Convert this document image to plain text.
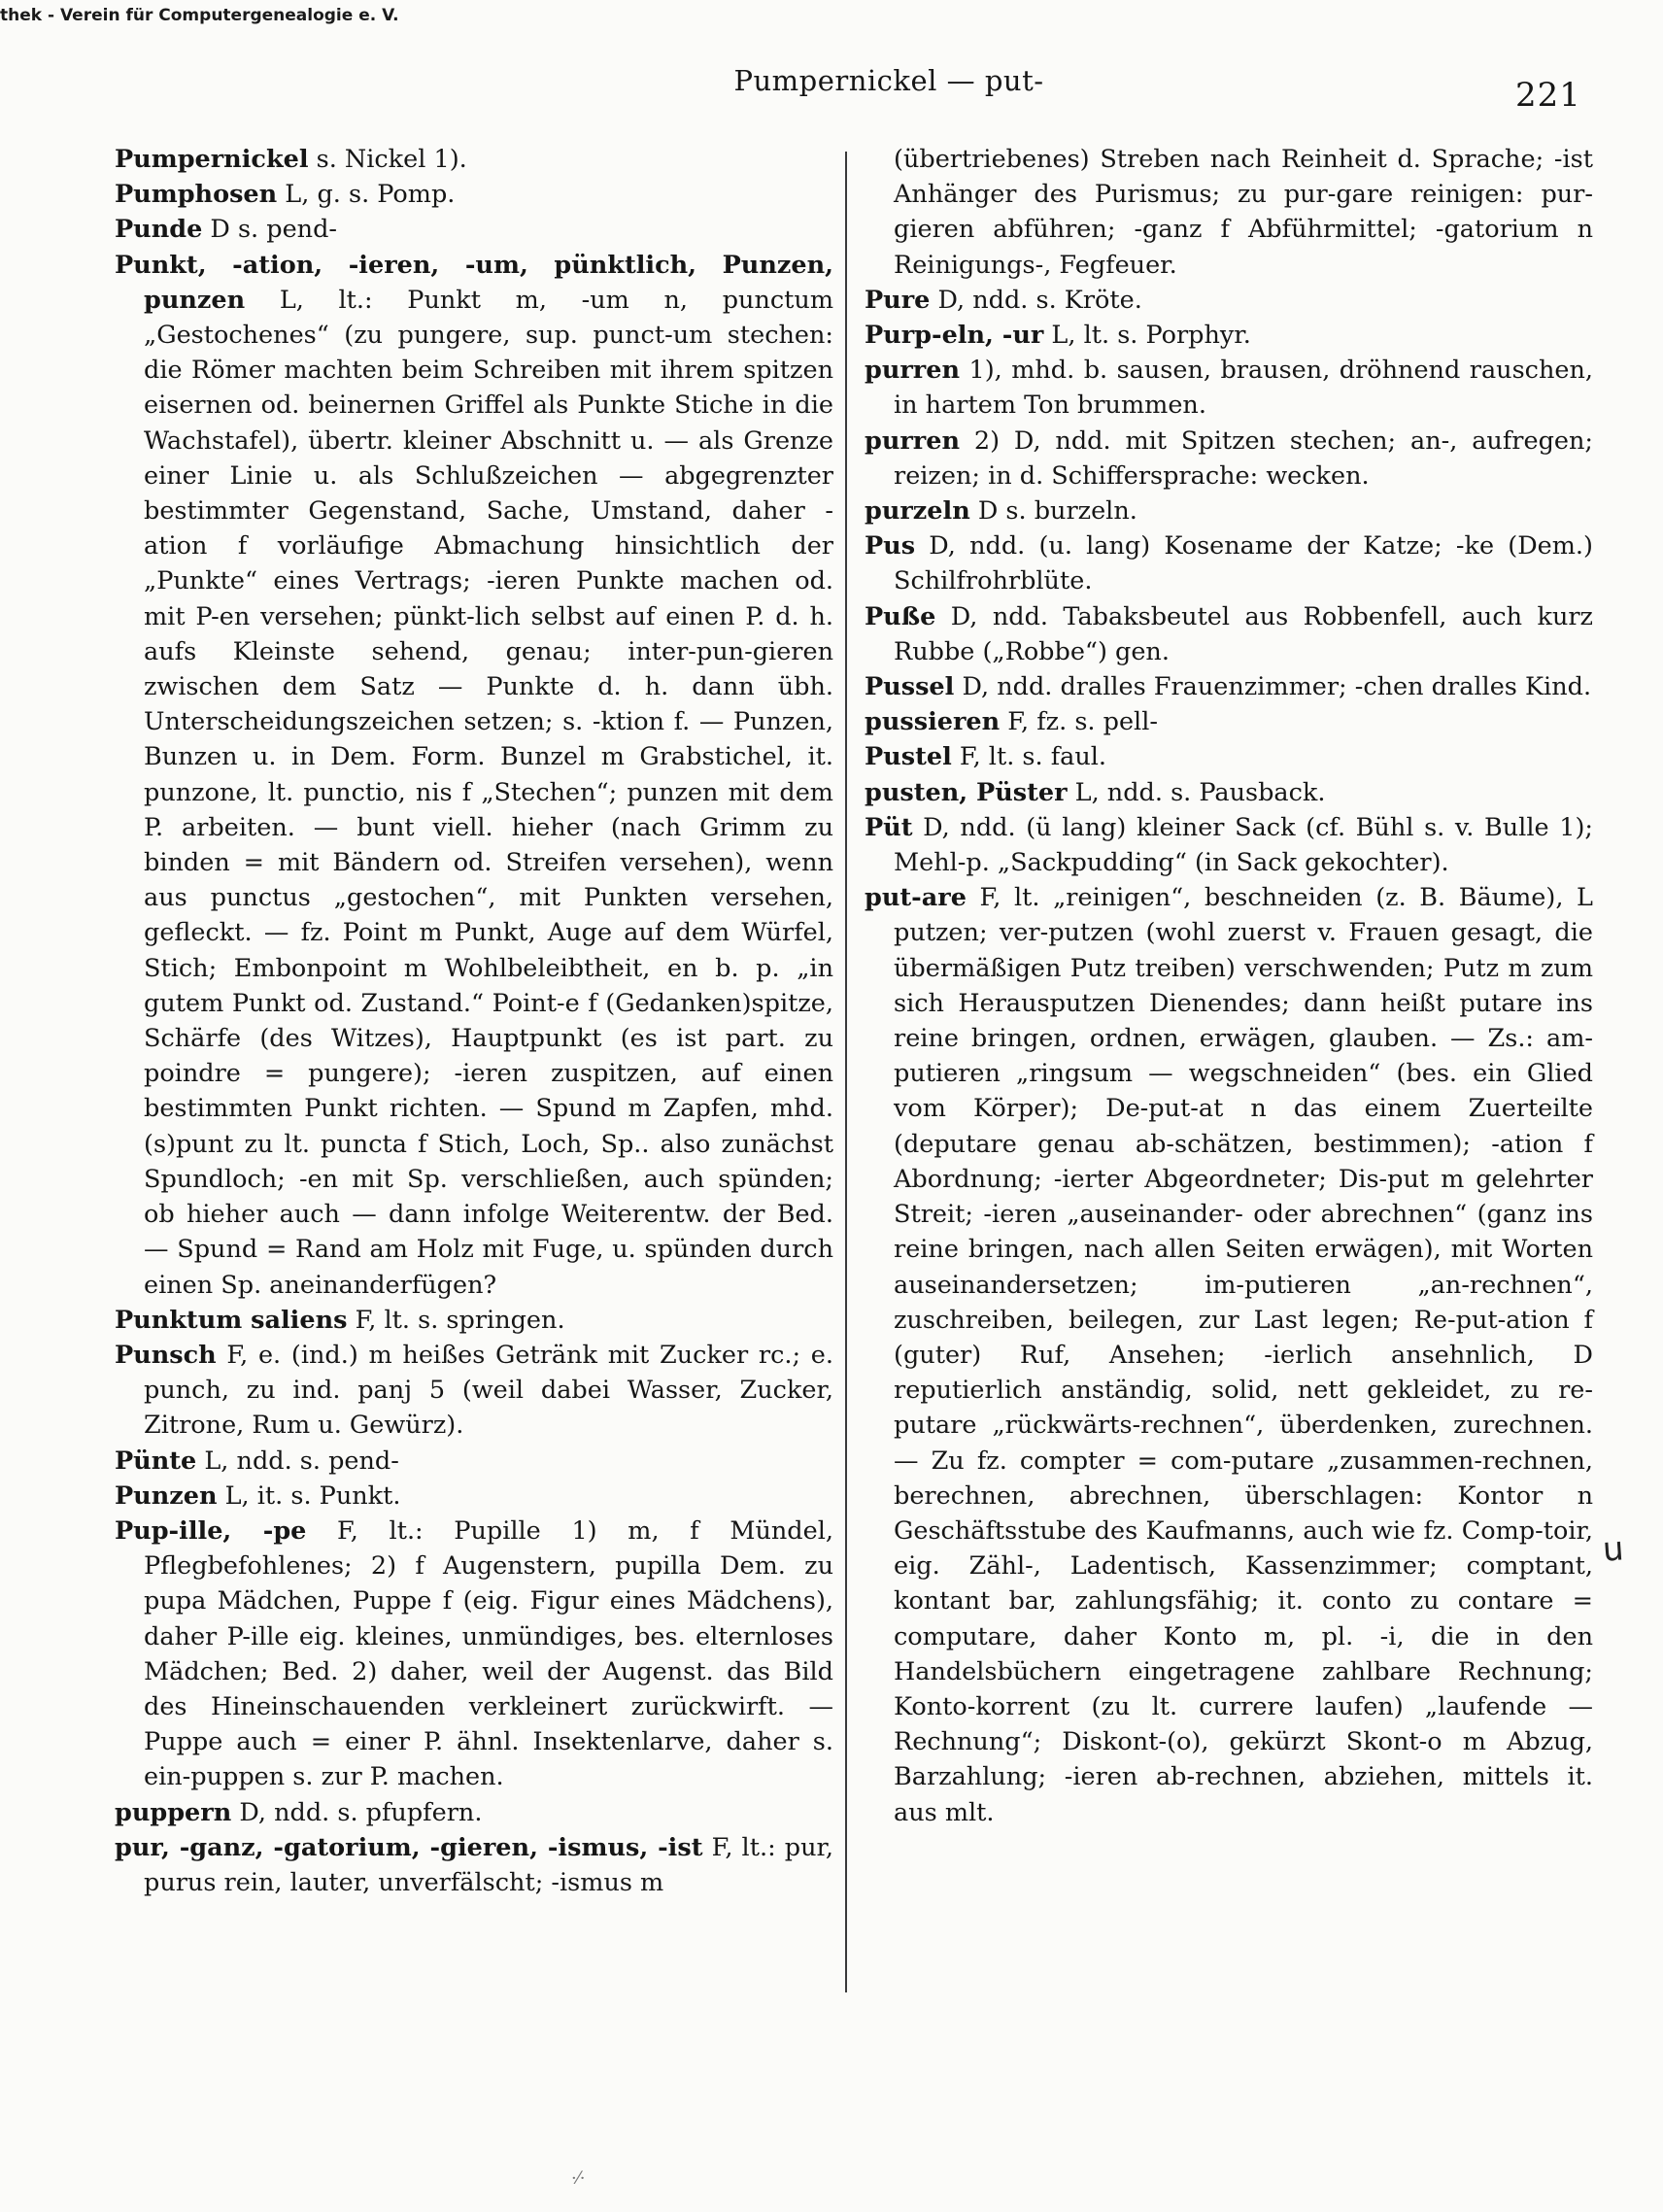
thek - Verein für Computergenealogie e. V.
Pumpernickel — put-	221

Pumpernickel s. Nickel 1).

Pumphosen L, g. s. Pomp.

Punde D s. pend-

Punkt, -ation, -ieren, -um, pünktlich, Punzen, punzen L, lt.: Punkt m, -um n, punctum „Gestochenes“ (zu pungere, sup. punct-um stechen: die Römer machten beim Schreiben mit ihrem spitzen eisernen od. beinernen Griffel als Punkte Stiche in die Wachstafel), übertr. kleiner Abschnitt u. — als Grenze einer Linie u. als Schlußzeichen — abgegrenzter bestimmter Gegenstand, Sache, Umstand, daher -ation f vorläufige Abmachung hinsichtlich der „Punkte“ eines Vertrags; -ieren Punkte machen od. mit P-en versehen; pünkt-lich selbst auf einen P. d. h. aufs Kleinste sehend, genau; inter-pun-gieren zwischen dem Satz — Punkte d. h. dann übh. Unterscheidungszeichen setzen; s. -ktion f. — Punzen, Bunzen u. in Dem. Form. Bunzel m Grabstichel, it. punzone, lt. punctio, nis f „Stechen“; punzen mit dem P. arbeiten. — bunt viell. hieher (nach Grimm zu binden = mit Bändern od. Streifen versehen), wenn aus punctus „gestochen“, mit Punkten versehen, gefleckt. — fz. Point m Punkt, Auge auf dem Würfel, Stich; Embonpoint m Wohlbeleibtheit, en b. p. „in gutem Punkt od. Zustand.“ Point-e f (Gedanken)spitze, Schärfe (des Witzes), Hauptpunkt (es ist part. zu poindre = pungere); -ieren zuspitzen, auf einen bestimmten Punkt richten. — Spund m Zapfen, mhd. (s)punt zu lt. puncta f Stich, Loch, Sp.. also zunächst Spundloch; -en mit Sp. verschließen, auch spünden; ob hieher auch — dann infolge Weiterentw. der Bed. — Spund = Rand am Holz mit Fuge, u. spünden durch einen Sp. aneinanderfügen?

Punktum saliens F, lt. s. springen.

Punsch F, e. (ind.) m heißes Getränk mit Zucker rc.; e. punch, zu ind. panj 5 (weil dabei Wasser, Zucker, Zitrone, Rum u. Gewürz).

Pünte L, ndd. s. pend-

Punzen L, it. s. Punkt.

Pup-ille, -pe F, lt.: Pupille 1) m, f Mündel, Pflegbefohlenes; 2) f Augenstern, pupilla Dem. zu pupa Mädchen, Puppe f (eig. Figur eines Mädchens), daher P-ille eig. kleines, unmündiges, bes. elternloses Mädchen; Bed. 2) daher, weil der Augenst. das Bild des Hineinschauenden verkleinert zurückwirft. — Puppe auch = einer P. ähnl. Insektenlarve, daher s. ein-puppen s. zur P. machen.

puppern D, ndd. s. pfupfern.

pur, -ganz, -gatorium, -gieren, -ismus, -ist F, lt.: pur, purus rein, lauter, unverfälscht; -ismus m

(übertriebenes) Streben nach Reinheit d. Sprache; -ist Anhänger des Purismus; zu pur-gare reinigen: pur-gieren abführen; -ganz f Abführmittel; -gatorium n Reinigungs-, Fegfeuer.

Pure D, ndd. s. Kröte.

Purp-eln, -ur L, lt. s. Porphyr.

purren 1), mhd. b. sausen, brausen, dröhnend rauschen, in hartem Ton brummen.

purren 2) D, ndd. mit Spitzen stechen; an-, aufregen; reizen; in d. Schiffersprache: wecken.

purzeln D s. burzeln.

Pus D, ndd. (u. lang) Kosename der Katze; -ke (Dem.) Schilfrohrblüte.

Puße D, ndd. Tabaksbeutel aus Robbenfell, auch kurz Rubbe („Robbe“) gen.

Pussel D, ndd. dralles Frauenzimmer; -chen dralles Kind.

pussieren F, fz. s. pell-

Pustel F, lt. s. faul.

pusten, Püster L, ndd. s. Pausback.

Püt D, ndd. (ü lang) kleiner Sack (cf. Bühl s. v. Bulle 1); Mehl-p. „Sackpudding“ (in Sack gekochter).

put-are F, lt. „reinigen“, beschneiden (z. B. Bäume), L putzen; ver-putzen (wohl zuerst v. Frauen gesagt, die übermäßigen Putz treiben) verschwenden; Putz m zum sich Herausputzen Dienendes; dann heißt putare ins reine bringen, ordnen, erwägen, glauben. — Zs.: am-putieren „ringsum — wegschneiden“ (bes. ein Glied vom Körper); De-put-at n das einem Zuerteilte (deputare genau ab-schätzen, bestimmen); -ation f Abordnung; -ierter Abgeordneter; Dis-put m gelehrter Streit; -ieren „auseinander- oder abrechnen“ (ganz ins reine bringen, nach allen Seiten erwägen), mit Worten auseinandersetzen; im-putieren „an-rechnen“, zuschreiben, beilegen, zur Last legen; Re-put-ation f (guter) Ruf, Ansehen; -ierlich ansehnlich, D reputierlich anständig, solid, nett gekleidet, zu re-putare „rückwärts-rechnen“, überdenken, zurechnen. — Zu fz. compter = com-putare „zusammen-rechnen, berechnen, abrechnen, überschlagen: Kontor n Geschäftsstube des Kaufmanns, auch wie fz. Comp-toir, eig. Zähl-, Ladentisch, Kassenzimmer; comptant, kontant bar, zahlungsfähig; it. conto zu contare = computare, daher Konto m, pl. -i, die in den Handelsbüchern eingetragene zahlbare Rechnung; Konto-korrent (zu lt. currere laufen) „laufende — Rechnung“; Diskont-(o), gekürzt Skont-o m Abzug, Barzahlung; -ieren ab-rechnen, abziehen, mittels it. aus mlt.

u
·⁄·
